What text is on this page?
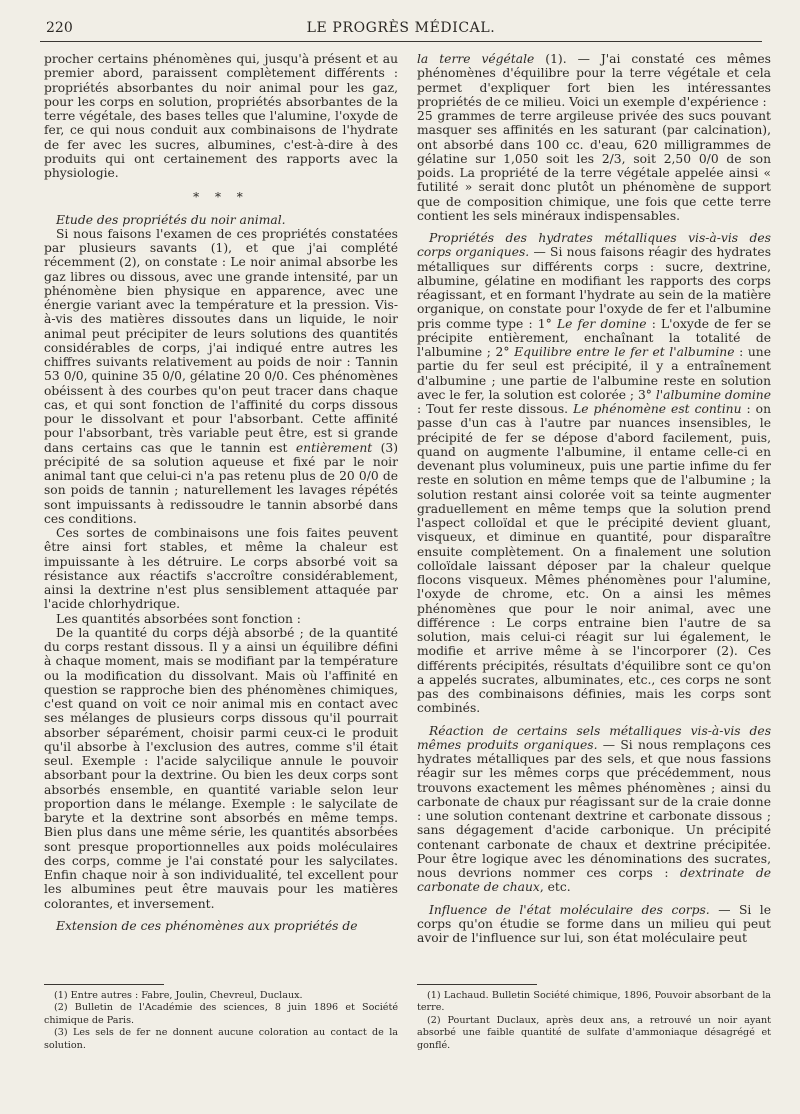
220	LE PROGRÈS MÉDICAL.

procher certains phénomènes qui, jusqu'à présent et au premier abord, paraissent complètement différents : propriétés absorbantes du noir animal pour les gaz, pour les corps en solution, propriétés absorbantes de la terre végétale, des bases telles que l'alumine, l'oxyde de fer, ce qui nous conduit aux combinaisons de l'hydrate de fer avec les sucres, albumines, c'est-à-dire à des produits qui ont certainement des rapports avec la physiologie.

* * *

Etude des propriétés du noir animal.

Si nous faisons l'examen de ces propriétés constatées par plusieurs savants (1), et que j'ai complété récemment (2), on constate : Le noir animal absorbe les gaz libres ou dissous, avec une grande intensité, par un phénomène bien physique en apparence, avec une énergie variant avec la température et la pression. Vis-à-vis des matières dissoutes dans un liquide, le noir animal peut précipiter de leurs solutions des quantités considérables de corps, j'ai indiqué entre autres les chiffres suivants relativement au poids de noir : Tannin 53 0/0, quinine 35 0/0, gélatine 20 0/0. Ces phénomènes obéissent à des courbes qu'on peut tracer dans chaque cas, et qui sont fonction de l'affinité du corps dissous pour le dissolvant et pour l'absorbant. Cette affinité pour l'absorbant, très variable peut être, est si grande dans certains cas que le tannin est entièrement (3) précipité de sa solution aqueuse et fixé par le noir animal tant que celui-ci n'a pas retenu plus de 20 0/0 de son poids de tannin ; naturellement les lavages répétés sont impuissants à redissoudre le tannin absorbé dans ces conditions.

Ces sortes de combinaisons une fois faites peuvent être ainsi fort stables, et même la chaleur est impuissante à les détruire. Le corps absorbé voit sa résistance aux réactifs s'accroître considérablement, ainsi la dextrine n'est plus sensiblement attaquée par l'acide chlorhydrique.

Les quantités absorbées sont fonction :

De la quantité du corps déjà absorbé ; de la quantité du corps restant dissous. Il y a ainsi un équilibre défini à chaque moment, mais se modifiant par la température ou la modification du dissolvant. Mais où l'affinité en question se rapproche bien des phénomènes chimiques, c'est quand on voit ce noir animal mis en contact avec ses mélanges de plusieurs corps dissous qu'il pourrait absorber séparément, choisir parmi ceux-ci le produit qu'il absorbe à l'exclusion des autres, comme s'il était seul. Exemple : l'acide salycilique annule le pouvoir absorbant pour la dextrine. Ou bien les deux corps sont absorbés ensemble, en quantité variable selon leur proportion dans le mélange. Exemple : le salycilate de baryte et la dextrine sont absorbés en même temps. Bien plus dans une même série, les quantités absorbées sont presque proportionnelles aux poids moléculaires des corps, comme je l'ai constaté pour les salycilates. Enfin chaque noir à son individualité, tel excellent pour les albumines peut être mauvais pour les matières colorantes, et inversement.

Extension de ces phénomènes aux propriétés de

la terre végétale (1). — J'ai constaté ces mêmes phénomènes d'équilibre pour la terre végétale et cela permet d'expliquer fort bien les intéressantes propriétés de ce milieu. Voici un exemple d'expérience :

25 grammes de terre argileuse privée des sucs pouvant masquer ses affinités en les saturant (par calcination), ont absorbé dans 100 cc. d'eau, 620 milligrammes de gélatine sur 1,050 soit les 2/3, soit 2,50 0/0 de son poids. La propriété de la terre végétale appelée ainsi « futilité » serait donc plutôt un phénomène de support que de composition chimique, une fois que cette terre contient les sels minéraux indispensables.

Propriétés des hydrates métalliques vis-à-vis des corps organiques. — Si nous faisons réagir des hydrates métalliques sur différents corps : sucre, dextrine, albumine, gélatine en modifiant les rapports des corps réagissant, et en formant l'hydrate au sein de la matière organique, on constate pour l'oxyde de fer et l'albumine pris comme type : 1° Le fer domine : L'oxyde de fer se précipite entièrement, enchaînant la totalité de l'albumine ; 2° Equilibre entre le fer et l'albumine : une partie du fer seul est précipité, il y a entraînement d'albumine ; une partie de l'albumine reste en solution avec le fer, la solution est colorée ; 3° l'albumine domine : Tout fer reste dissous. Le phénomène est continu : on passe d'un cas à l'autre par nuances insensibles, le précipité de fer se dépose d'abord facilement, puis, quand on augmente l'albumine, il entame celle-ci en devenant plus volumineux, puis une partie infime du fer reste en solution en même temps que de l'albumine ; la solution restant ainsi colorée voit sa teinte augmenter graduellement en même temps que la solution prend l'aspect colloïdal et que le précipité devient gluant, visqueux, et diminue en quantité, pour disparaître ensuite complètement. On a finalement une solution colloïdale laissant déposer par la chaleur quelque flocons visqueux. Mêmes phénomènes pour l'alumine, l'oxyde de chrome, etc. On a ainsi les mêmes phénomènes que pour le noir animal, avec une différence : Le corps entraine bien l'autre de sa solution, mais celui-ci réagit sur lui également, le modifie et arrive même à se l'incorporer (2). Ces différents précipités, résultats d'équilibre sont ce qu'on a appelés sucrates, albuminates, etc., ces corps ne sont pas des combinaisons définies, mais les corps sont combinés.

Réaction de certains sels métalliques vis-à-vis des mêmes produits organiques. — Si nous remplaçons ces hydrates métalliques par des sels, et que nous fassions réagir sur les mêmes corps que précédemment, nous trouvons exactement les mêmes phénomènes ; ainsi du carbonate de chaux pur réagissant sur de la craie donne : une solution contenant dextrine et carbonate dissous ; sans dégagement d'acide carbonique. Un précipité contenant carbonate de chaux et dextrine précipitée. Pour être logique avec les dénominations des sucrates, nous devrions nommer ces corps : dextrinate de carbonate de chaux, etc.

Influence de l'état moléculaire des corps. — Si le corps qu'on étudie se forme dans un milieu qui peut avoir de l'influence sur lui, son état moléculaire peut

(1) Entre autres : Fabre, Joulin, Chevreul, Duclaux.

(2) Bulletin de l'Académie des sciences, 8 juin 1896 et Société chimique de Paris.

(3) Les sels de fer ne donnent aucune coloration au contact de la solution.

(1) Lachaud. Bulletin Société chimique, 1896, Pouvoir absorbant de la terre.

(2) Pourtant Duclaux, après deux ans, a retrouvé un noir ayant absorbé une faible quantité de sulfate d'ammoniaque désagrégé et gonflé.
